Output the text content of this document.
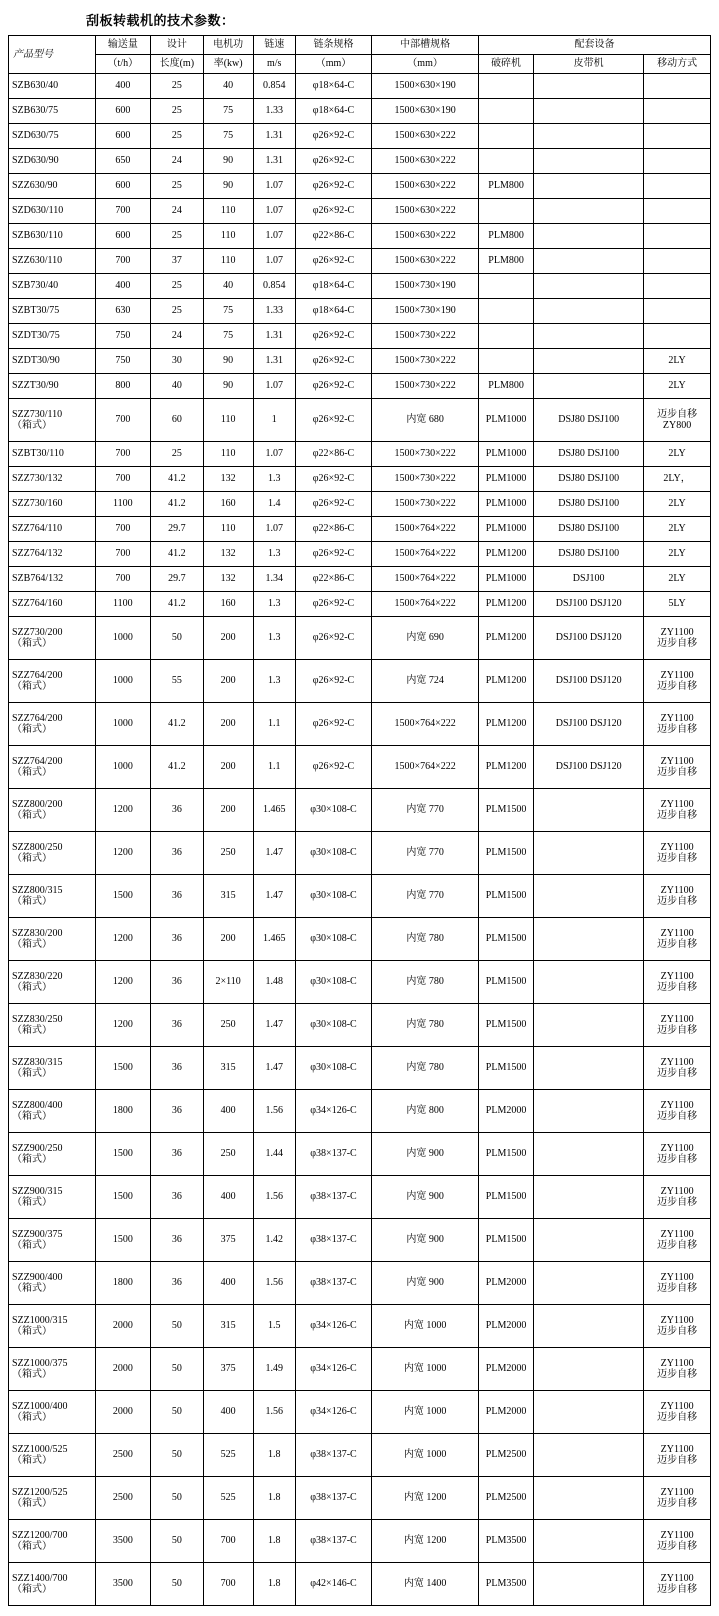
刮板转载机的技术参数：
产品型号	输送量	设计	电机功	链速	链条规格	中部槽规格	配套设备		
	（t/h）	长度(m)	率(kw)	m/s	（mm）	（mm）	破碎机	皮带机	移动方式
SZB630/40	400	25	40	0.854	φ18×64-C	1500×630×190			
SZB630/75	600	25	75	1.33	φ18×64-C	1500×630×190			
SZD630/75	600	25	75	1.31	φ26×92-C	1500×630×222			
SZD630/90	650	24	90	1.31	φ26×92-C	1500×630×222			
SZZ630/90	600	25	90	1.07	φ26×92-C	1500×630×222	PLM800		
SZD630/110	700	24	110	1.07	φ26×92-C	1500×630×222			
SZB630/110	600	25	110	1.07	φ22×86-C	1500×630×222	PLM800		
SZZ630/110	700	37	110	1.07	φ26×92-C	1500×630×222	PLM800		
SZB730/40	400	25	40	0.854	φ18×64-C	1500×730×190			
SZBT30/75	630	25	75	1.33	φ18×64-C	1500×730×190			
SZDT30/75	750	24	75	1.31	φ26×92-C	1500×730×222			
SZDT30/90	750	30	90	1.31	φ26×92-C	1500×730×222			2LY
SZZT30/90	800	40	90	1.07	φ26×92-C	1500×730×222	PLM800		2LY

SZZ730/110
（箱式）	700	60	110	1	φ26×92-C	内宽 680	PLM1000	DSJ80 DSJ100	迈步自移
ZY800

SZBT30/110	700	25	110	1.07	φ22×86-C	1500×730×222	PLM1000	DSJ80 DSJ100	2LY
SZZ730/132	700	41.2	132	1.3	φ26×92-C	1500×730×222	PLM1000	DSJ80 DSJ100	2LY，
SZZ730/160	1100	41.2	160	1.4	φ26×92-C	1500×730×222	PLM1000	DSJ80 DSJ100	2LY
SZZ764/110	700	29.7	110	1.07	φ22×86-C	1500×764×222	PLM1000	DSJ80 DSJ100	2LY
SZZ764/132	700	41.2	132	1.3	φ26×92-C	1500×764×222	PLM1200	DSJ80 DSJ100	2LY
SZB764/132	700	29.7	132	1.34	φ22×86-C	1500×764×222	PLM1000	DSJ100	2LY
SZZ764/160	1100	41.2	160	1.3	φ26×92-C	1500×764×222	PLM1200	DSJ100 DSJ120	5LY

SZZ730/200
（箱式）	1000	50	200	1.3	φ26×92-C	内宽 690	PLM1200	DSJ100 DSJ120	ZY1100
迈步自移

SZZ764/200
（箱式）	1000	55	200	1.3	φ26×92-C	内宽 724	PLM1200	DSJ100 DSJ120	ZY1100
迈步自移

SZZ764/200
（箱式）	1000	41.2	200	1.1	φ26×92-C	1500×764×222	PLM1200	DSJ100 DSJ120	ZY1100
迈步自移

SZZ764/200
（箱式）	1000	41.2	200	1.1	φ26×92-C	1500×764×222	PLM1200	DSJ100 DSJ120	ZY1100
迈步自移

SZZ800/200
（箱式）	1200	36	200	1.465	φ30×108-C	内宽 770	PLM1500		ZY1100
迈步自移

SZZ800/250
（箱式）	1200	36	250	1.47	φ30×108-C	内宽 770	PLM1500		ZY1100
迈步自移

SZZ800/315
（箱式）	1500	36	315	1.47	φ30×108-C	内宽 770	PLM1500		ZY1100
迈步自移

SZZ830/200
（箱式）	1200	36	200	1.465	φ30×108-C	内宽 780	PLM1500		ZY1100
迈步自移

SZZ830/220
（箱式）	1200	36	2×110	1.48	φ30×108-C	内宽 780	PLM1500		ZY1100
迈步自移

SZZ830/250
（箱式）	1200	36	250	1.47	φ30×108-C	内宽 780	PLM1500		ZY1100
迈步自移

SZZ830/315
（箱式）	1500	36	315	1.47	φ30×108-C	内宽 780	PLM1500		ZY1100
迈步自移

SZZ800/400
（箱式）	1800	36	400	1.56	φ34×126-C	内宽 800	PLM2000		ZY1100
迈步自移

SZZ900/250
（箱式）	1500	36	250	1.44	φ38×137-C	内宽 900	PLM1500		ZY1100
迈步自移

SZZ900/315
（箱式）	1500	36	400	1.56	φ38×137-C	内宽 900	PLM1500		ZY1100
迈步自移

SZZ900/375
（箱式）	1500	36	375	1.42	φ38×137-C	内宽 900	PLM1500		ZY1100
迈步自移

SZZ900/400
（箱式）	1800	36	400	1.56	φ38×137-C	内宽 900	PLM2000		ZY1100
迈步自移

SZZ1000/315
（箱式）	2000	50	315	1.5	φ34×126-C	内宽 1000	PLM2000		ZY1100
迈步自移

SZZ1000/375
（箱式）	2000	50	375	1.49	φ34×126-C	内宽 1000	PLM2000		ZY1100
迈步自移

SZZ1000/400
（箱式）	2000	50	400	1.56	φ34×126-C	内宽 1000	PLM2000		ZY1100
迈步自移

SZZ1000/525
（箱式）	2500	50	525	1.8	φ38×137-C	内宽 1000	PLM2500		ZY1100
迈步自移

SZZ1200/525
（箱式）	2500	50	525	1.8	φ38×137-C	内宽 1200	PLM2500		ZY1100
迈步自移

SZZ1200/700
（箱式）	3500	50	700	1.8	φ38×137-C	内宽 1200	PLM3500		ZY1100
迈步自移

SZZ1400/700
（箱式）	3500	50	700	1.8	φ42×146-C	内宽 1400	PLM3500		ZY1100
迈步自移
